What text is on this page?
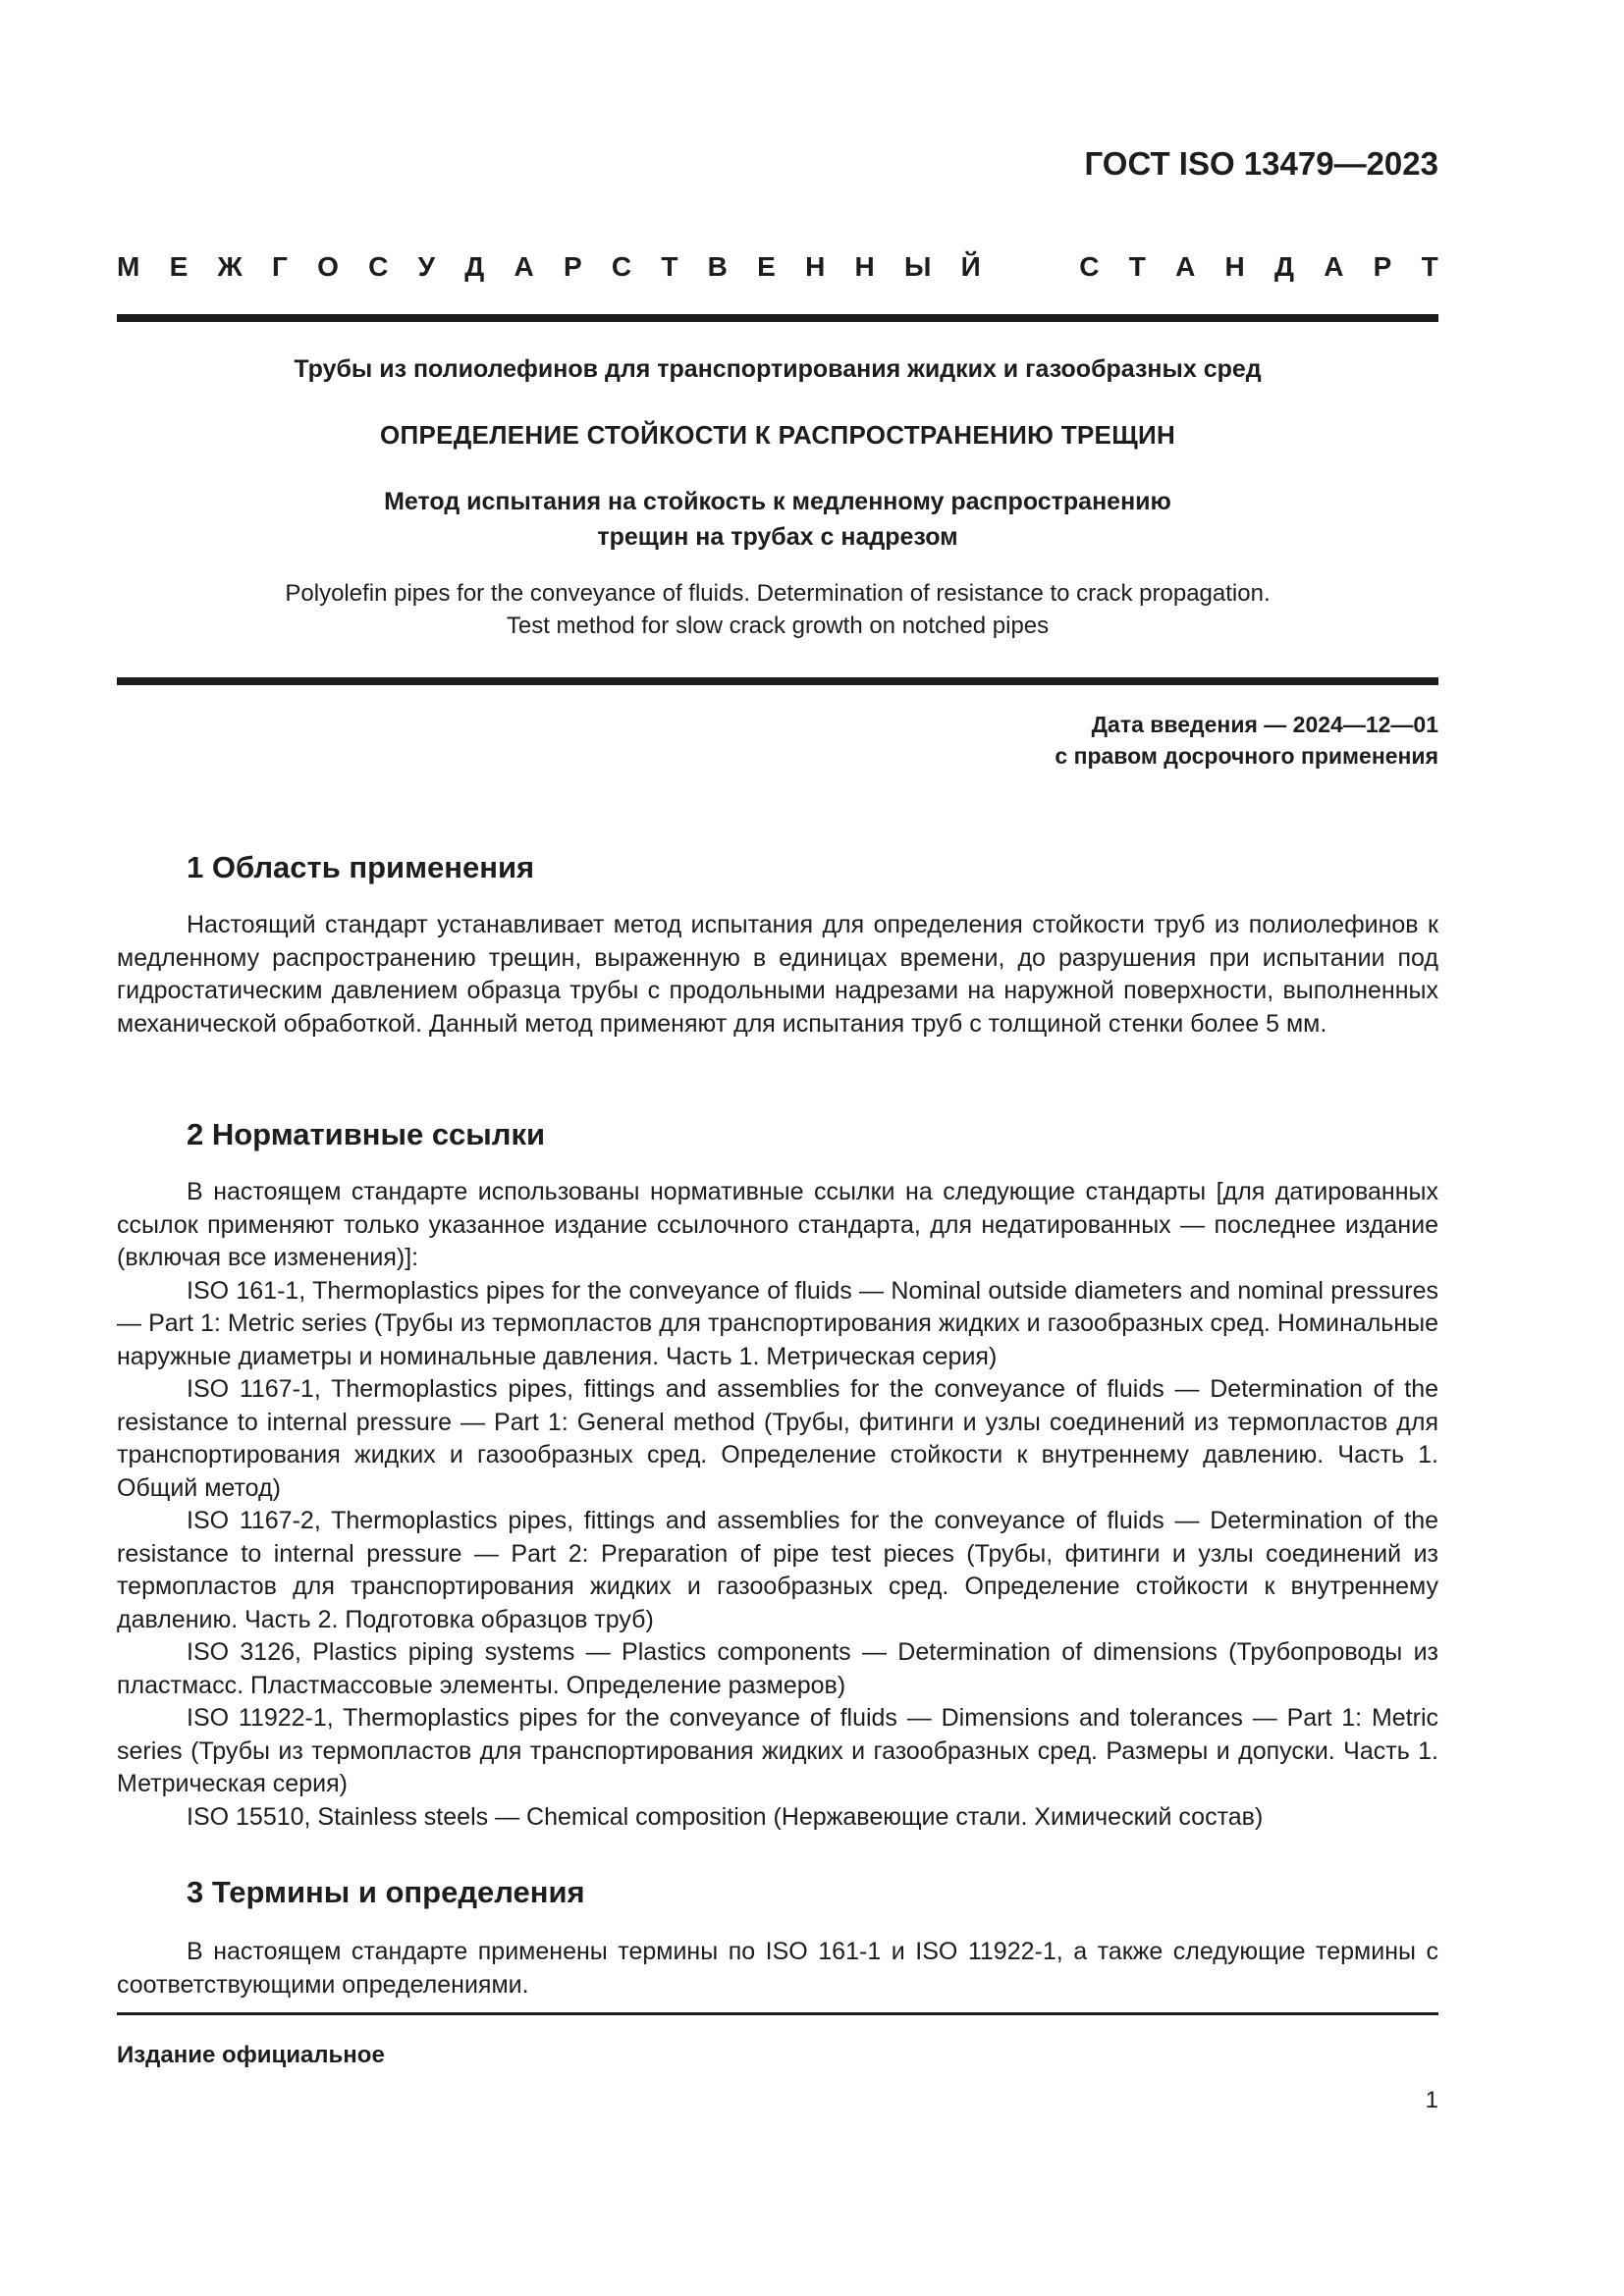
ГОСТ ISO 13479—2023

М Е Ж Г О С У Д А Р С Т В Е Н Н Ы Й	С Т А Н Д А Р Т

Трубы из полиолефинов для транспортирования жидких и газообразных сред

ОПРЕДЕЛЕНИЕ СТОЙКОСТИ К РАСПРОСТРАНЕНИЮ ТРЕЩИН

Метод испытания на стойкость к медленному распространению
трещин на трубах с надрезом
Polyolefin pipes for the conveyance of fluids. Determination of resistance to crack propagation.
Test method for slow crack growth on notched pipes
Дата введения — 2024—12—01
с правом досрочного применения
1 Область применения

Настоящий стандарт устанавливает метод испытания для определения стойкости труб из полиолефинов к медленному распространению трещин, выраженную в единицах времени, до разрушения при испытании под гидростатическим давлением образца трубы с продольными надрезами на наружной поверхности, выполненных механической обработкой. Данный метод применяют для испытания труб с толщиной стенки более 5 мм.

2 Нормативные ссылки

В настоящем стандарте использованы нормативные ссылки на следующие стандарты [для датированных ссылок применяют только указанное издание ссылочного стандарта, для недатированных — последнее издание (включая все изменения)]:

ISO 161-1, Thermoplastics pipes for the conveyance of fluids — Nominal outside diameters and nominal pressures — Part 1: Metric series (Трубы из термопластов для транспортирования жидких и газообразных сред. Номинальные наружные диаметры и номинальные давления. Часть 1. Метрическая серия)

ISO 1167-1, Thermoplastics pipes, fittings and assemblies for the conveyance of fluids — Determination of the resistance to internal pressure — Part 1: General method (Трубы, фитинги и узлы соединений из термопластов для транспортирования жидких и газообразных сред. Определение стойкости к внутреннему давлению. Часть 1. Общий метод)

ISO 1167-2, Thermoplastics pipes, fittings and assemblies for the conveyance of fluids — Determination of the resistance to internal pressure — Part 2: Preparation of pipe test pieces (Трубы, фитинги и узлы соединений из термопластов для транспортирования жидких и газообразных сред. Определение стойкости к внутреннему давлению. Часть 2. Подготовка образцов труб)

ISO 3126, Plastics piping systems — Plastics components — Determination of dimensions (Трубопроводы из пластмасс. Пластмассовые элементы. Определение размеров)

ISO 11922-1, Thermoplastics pipes for the conveyance of fluids — Dimensions and tolerances — Part 1: Metric series (Трубы из термопластов для транспортирования жидких и газообразных сред. Размеры и допуски. Часть 1. Метрическая серия)

ISO 15510, Stainless steels — Chemical composition (Нержавеющие стали. Химический состав)

3 Термины и определения

В настоящем стандарте применены термины по ISO 161-1 и ISO 11922-1, а также следующие термины с соответствующими определениями.

Издание официальное

1
